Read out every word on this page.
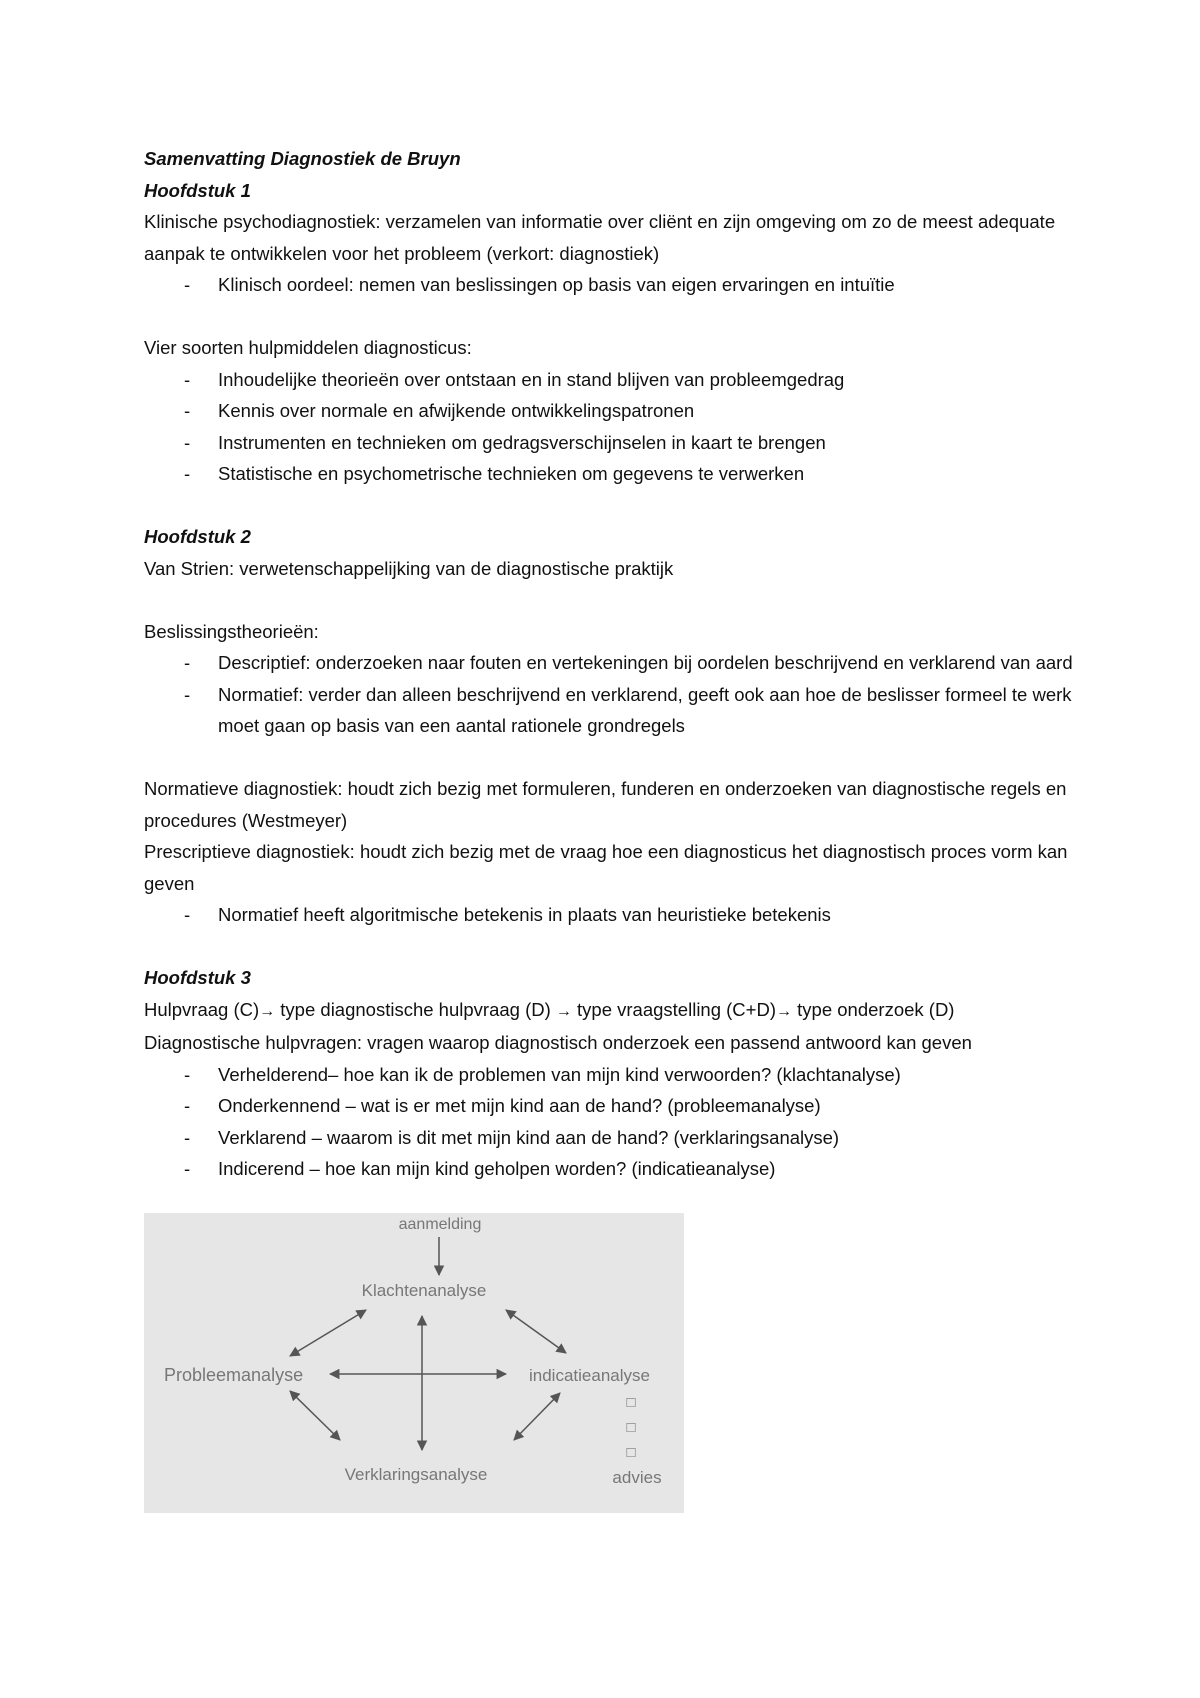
Samenvatting Diagnostiek de Bruyn

Hoofdstuk 1

Klinische psychodiagnostiek: verzamelen van informatie over cliënt en zijn omgeving om zo de meest adequate aanpak te ontwikkelen voor het probleem (verkort: diagnostiek)

- Klinisch oordeel: nemen van beslissingen op basis van eigen ervaringen en intuïtie

Vier soorten hulpmiddelen diagnosticus:

- Inhoudelijke theorieën over ontstaan en in stand blijven van probleemgedrag
- Kennis over normale en afwijkende ontwikkelingspatronen
- Instrumenten en technieken om gedragsverschijnselen in kaart te brengen
- Statistische en psychometrische technieken om gegevens te verwerken

Hoofdstuk 2

Van Strien: verwetenschappelijking van de diagnostische praktijk

Beslissingstheorieën:

- Descriptief: onderzoeken naar fouten en vertekeningen bij oordelen beschrijvend en verklarend van aard
- Normatief: verder dan alleen beschrijvend en verklarend, geeft ook aan hoe de beslisser formeel te werk moet gaan op basis van een aantal rationele grondregels

Normatieve diagnostiek: houdt zich bezig met formuleren, funderen en onderzoeken van diagnostische regels en procedures (Westmeyer)

Prescriptieve diagnostiek: houdt zich bezig met de vraag hoe een diagnosticus het diagnostisch proces vorm kan geven

- Normatief heeft algoritmische betekenis in plaats van heuristieke betekenis

Hoofdstuk 3

Hulpvraag (C)→ type diagnostische hulpvraag (D) → type vraagstelling (C+D)→ type onderzoek (D)

Diagnostische hulpvragen: vragen waarop diagnostisch onderzoek een passend antwoord kan geven

- Verhelderend– hoe kan ik de problemen van mijn kind verwoorden? (klachtanalyse)
- Onderkennend – wat is er met mijn kind aan de hand? (probleemanalyse)
- Verklarend – waarom is dit met mijn kind aan de hand? (verklaringsanalyse)
- Indicerend – hoe kan mijn kind geholpen worden? (indicatieanalyse)
aanmelding
Klachtenanalyse
Probleemanalyse	indicatieanalyse
Verklaringsanalyse
□
□
□
advies
